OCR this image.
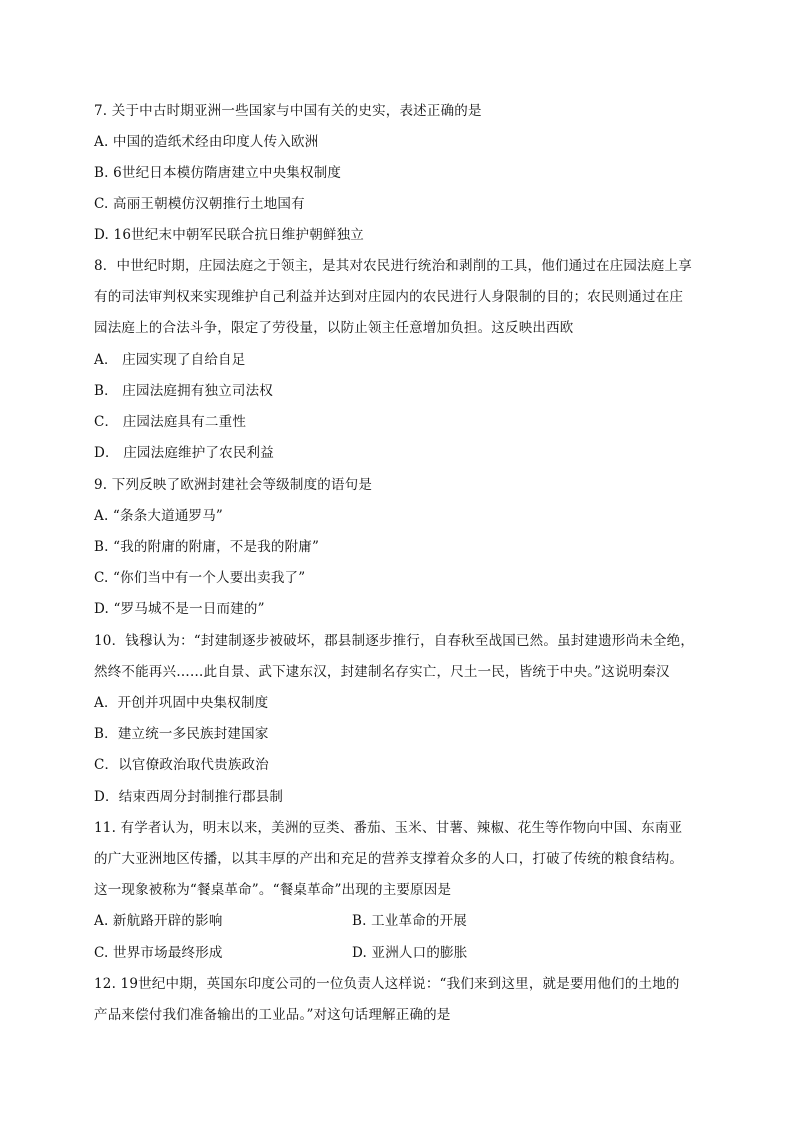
7. 关于中古时期亚洲一些国家与中国有关的史实，表述正确的是
A. 中国的造纸术经由印度人传入欧洲
B. 6世纪日本模仿隋唐建立中央集权制度
C. 高丽王朝模仿汉朝推行土地国有
D. 16世纪末中朝军民联合抗日维护朝鲜独立
8．中世纪时期，庄园法庭之于领主，是其对农民进行统治和剥削的工具，他们通过在庄园法庭上享
有的司法审判权来实现维护自己利益并达到对庄园内的农民进行人身限制的目的；农民则通过在庄
园法庭上的合法斗争，限定了劳役量，以防止领主任意增加负担。这反映出西欧
A． 庄园实现了自给自足
B． 庄园法庭拥有独立司法权
C． 庄园法庭具有二重性
D． 庄园法庭维护了农民利益
9. 下列反映了欧洲封建社会等级制度的语句是
A. “条条大道通罗马”
B. “我的附庸的附庸，不是我的附庸”
C. “你们当中有一个人要出卖我了”
D. “罗马城不是一日而建的”
10．钱穆认为：“封建制逐步被破坏，郡县制逐步推行，自春秋至战国已然。虽封建遗形尚未全绝，
然终不能再兴……此自景、武下逮东汉，封建制名存实亡，尺土一民，皆统于中央。”这说明秦汉
A．开创并巩固中央集权制度
B．建立统一多民族封建国家
C．以官僚政治取代贵族政治
D．结束西周分封制推行郡县制
11. 有学者认为，明末以来，美洲的豆类、番茄、玉米、甘薯、辣椒、花生等作物向中国、东南亚
的广大亚洲地区传播，以其丰厚的产出和充足的营养支撑着众多的人口，打破了传统的粮食结构。
这一现象被称为“餐桌革命”。“餐桌革命”出现的主要原因是
A. 新航路开辟的影响	B. 工业革命的开展
C. 世界市场最终形成	D. 亚洲人口的膨胀
12. 19世纪中期，英国东印度公司的一位负责人这样说：“我们来到这里，就是要用他们的土地的
产品来偿付我们准备输出的工业品。”对这句话理解正确的是
